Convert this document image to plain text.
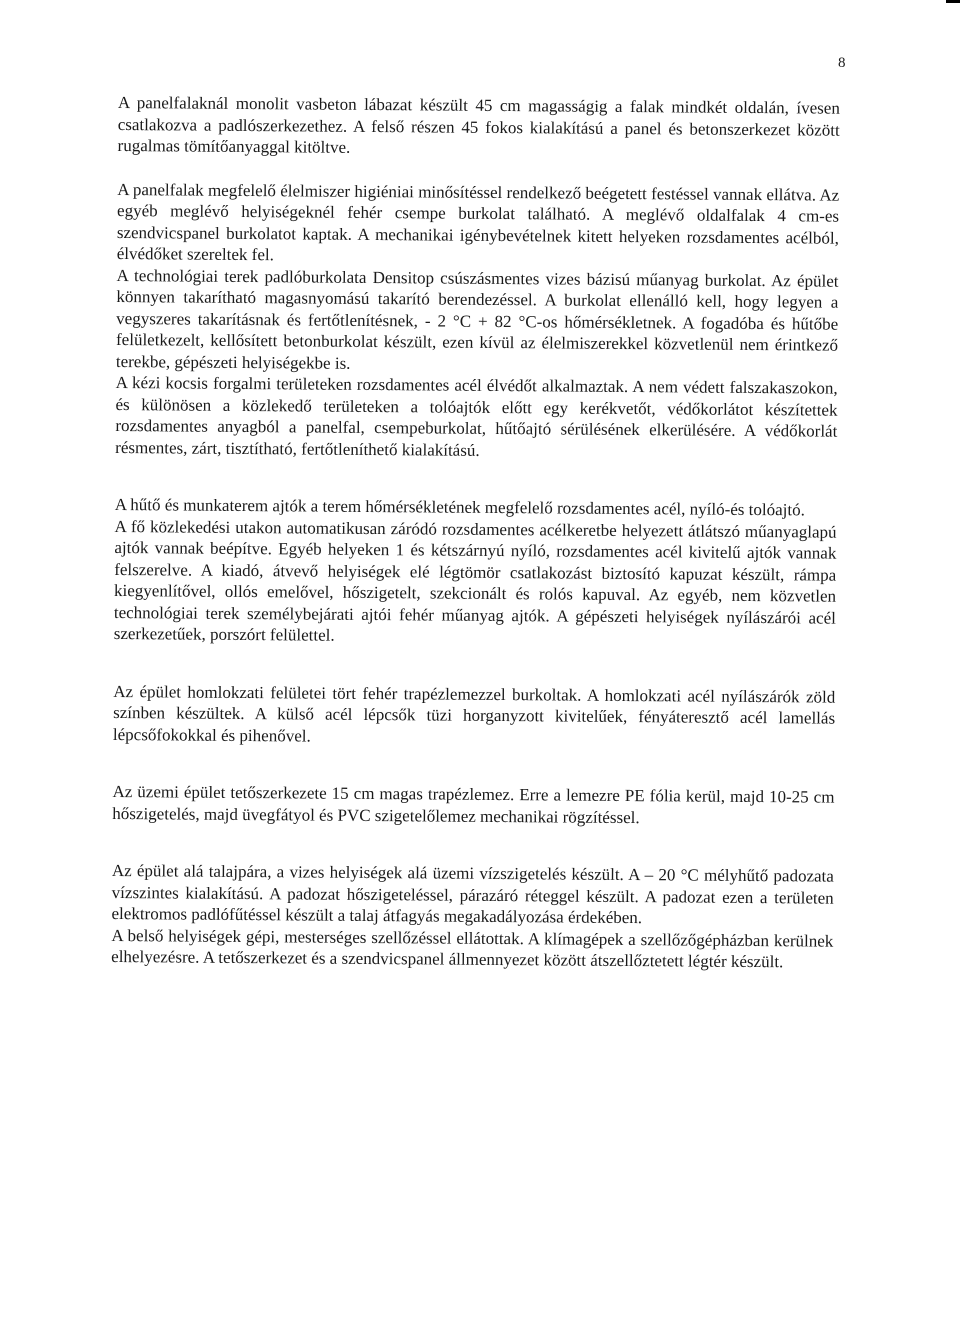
8

A panelfalaknál monolit vasbeton lábazat készült 45 cm magasságig a falak mindkét oldalán, ívesen csatlakozva a padlószerkezethez. A felső részen 45 fokos kialakítású a panel és betonszerkezet között rugalmas tömítőanyaggal kitöltve.

A panelfalak megfelelő élelmiszer higiéniai minősítéssel rendelkező beégetett festéssel vannak ellátva. Az egyéb meglévő helyiségeknél fehér csempe burkolat található. A meglévő oldalfalak 4 cm-es szendvicspanel burkolatot kaptak. A mechanikai igénybevételnek kitett helyeken rozsdamentes acélból, élvédőket szereltek fel.

A technológiai terek padlóburkolata Densitop csúszásmentes vizes bázisú műanyag burkolat. Az épület könnyen takarítható magasnyomású takarító berendezéssel. A burkolat ellenálló kell, hogy legyen a vegyszeres takarításnak és fertőtlenítésnek, - 2 °C + 82 °C-os hőmérsékletnek. A fogadóba és hűtőbe felületkezelt, kellősített betonburkolat készült, ezen kívül az élelmiszerekkel közvetlenül nem érintkező terekbe, gépészeti helyiségekbe is.

A kézi kocsis forgalmi területeken rozsdamentes acél élvédőt alkalmaztak. A nem védett falszakaszokon, és különösen a közlekedő területeken a tolóajtók előtt egy kerékvetőt, védőkorlátot készítettek rozsdamentes anyagból a panelfal, csempeburkolat, hűtőajtó sérülésének elkerülésére. A védőkorlát résmentes, zárt, tisztítható, fertőtleníthető kialakítású.

A hűtő és munkaterem ajtók a terem hőmérsékletének megfelelő rozsdamentes acél, nyíló-és tolóajtó.

A fő közlekedési utakon automatikusan záródó rozsdamentes acélkeretbe helyezett átlátszó műanyaglapú ajtók vannak beépítve. Egyéb helyeken 1 és kétszárnyú nyíló, rozsdamentes acél kivitelű ajtók vannak felszerelve. A kiadó, átvevő helyiségek elé légtömör csatlakozást biztosító kapuzat készült, rámpa kiegyenlítővel, ollós emelővel, hőszigetelt, szekcionált és rolós kapuval. Az egyéb, nem közvetlen technológiai terek személybejárati ajtói fehér műanyag ajtók. A gépészeti helyiségek nyílászárói acél szerkezetűek, porszórt felülettel.

Az épület homlokzati felületei tört fehér trapézlemezzel burkoltak. A homlokzati acél nyílászárók zöld színben készültek. A külső acél lépcsők tüzi horganyzott kivitelűek, fényáteresztő acél lamellás lépcsőfokokkal és pihenővel.

Az üzemi épület tetőszerkezete 15 cm magas trapézlemez. Erre a lemezre PE fólia kerül, majd 10-25 cm hőszigetelés, majd üvegfátyol és PVC szigetelőlemez mechanikai rögzítéssel.

Az épület alá talajpára, a vizes helyiségek alá üzemi vízszigetelés készült. A – 20 °C mélyhűtő padozata vízszintes kialakítású. A padozat hőszigeteléssel, párazáró réteggel készült. A padozat ezen a területen elektromos padlófűtéssel készült a talaj átfagyás megakadályozása érdekében.

A belső helyiségek gépi, mesterséges szellőzéssel ellátottak. A klímagépek a szellőzőgépházban kerülnek elhelyezésre. A tetőszerkezet és a szendvicspanel állmennyezet között átszellőztetett légtér készült.
